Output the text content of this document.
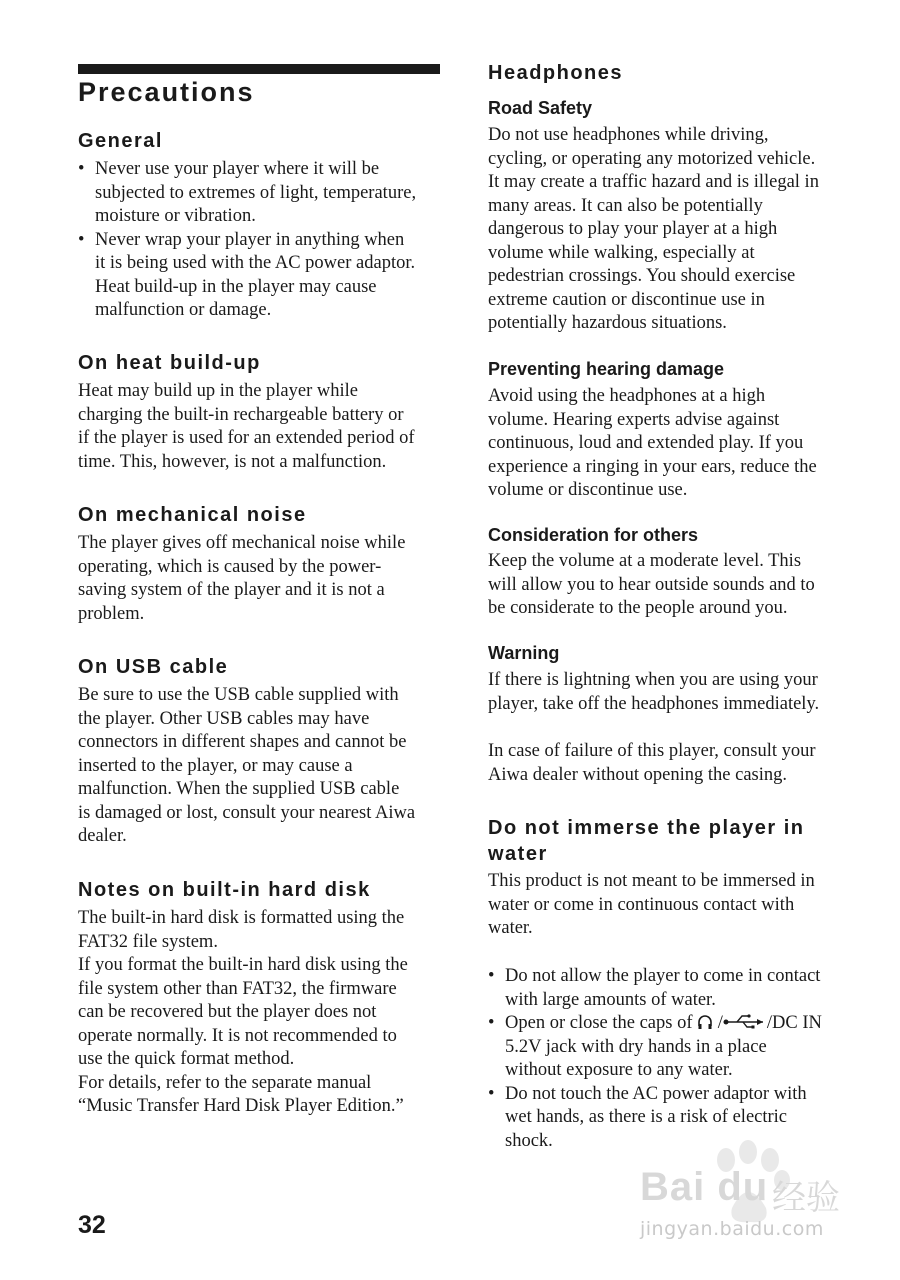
Precautions
General
• Never use your player where it will be
subjected to extremes of light, temperature,
moisture or vibration.
• Never wrap your player in anything when
it is being used with the AC power adaptor.
Heat build-up in the player may cause
malfunction or damage.
On heat build-up

Heat may build up in the player while
charging the built-in rechargeable battery or
if the player is used for an extended period of
time. This, however, is not a malfunction.

On mechanical noise

The player gives off mechanical noise while
operating, which is caused by the power-
saving system of the player and it is not a
problem.

On USB cable

Be sure to use the USB cable supplied with
the player. Other USB cables may have
connectors in different shapes and cannot be
inserted to the player, or may cause a
malfunction. When the supplied USB cable
is damaged or lost, consult your nearest Aiwa
dealer.

Notes on built-in hard disk

The built-in hard disk is formatted using the
FAT32 file system.
If you format the built-in hard disk using the
file system other than FAT32, the firmware
can be recovered but the player does not
operate normally. It is not recommended to
use the quick format method.
For details, refer to the separate manual
“Music Transfer Hard Disk Player Edition.”

32
Headphones
Road Safety

Do not use headphones while driving,
cycling, or operating any motorized vehicle.
It may create a traffic hazard and is illegal in
many areas. It can also be potentially
dangerous to play your player at a high
volume while walking, especially at
pedestrian crossings. You should exercise
extreme caution or discontinue use in
potentially hazardous situations.

Preventing hearing damage

Avoid using the headphones at a high
volume. Hearing experts advise against
continuous, loud and extended play. If you
experience a ringing in your ears, reduce the
volume or discontinue use.

Consideration for others

Keep the volume at a moderate level. This
will allow you to hear outside sounds and to
be considerate to the people around you.

Warning

If there is lightning when you are using your
player, take off the headphones immediately.

In case of failure of this player, consult your
Aiwa dealer without opening the casing.

Do not immerse the player in water

This product is not meant to be immersed in
water or come in continuous contact with
water.

• Do not allow the player to come in contact
with large amounts of water.
• Open or close the caps of  / /DC IN
5.2V jack with dry hands in a place
without exposure to any water.
• Do not touch the AC power adaptor with
wet hands, as there is a risk of electric
shock.
Bai du 经验
jingyan.baidu.com
